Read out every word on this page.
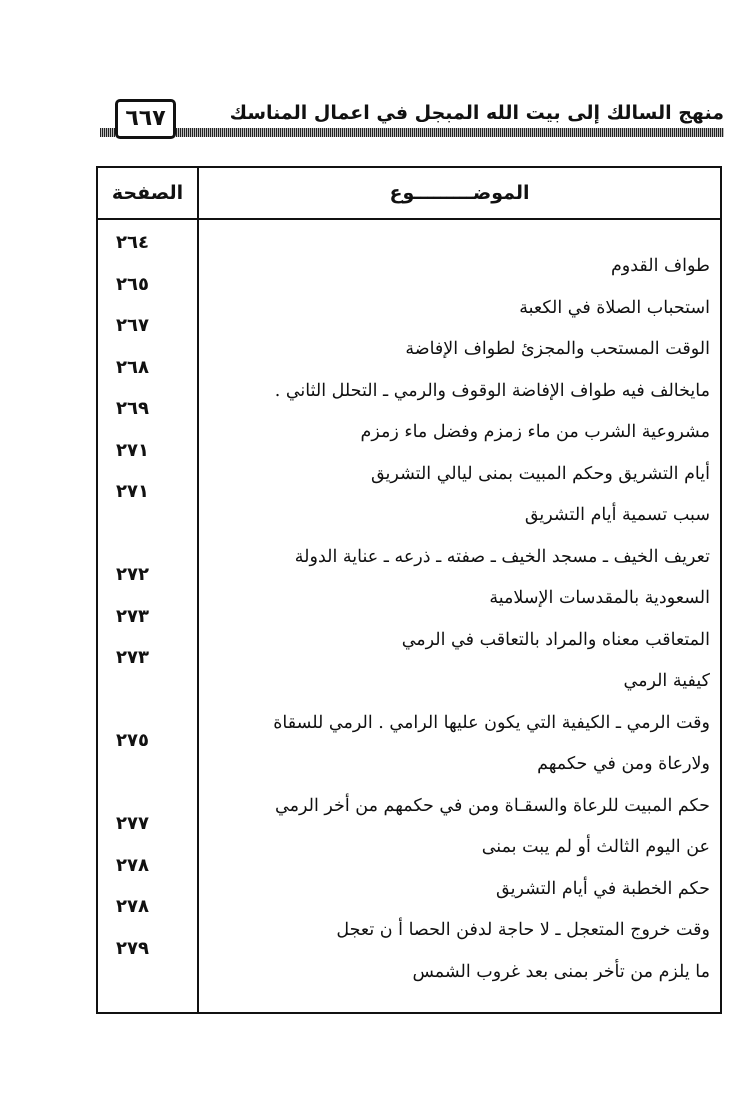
منهج السالك إلى بيت الله المبجل في اعمال المناسك
٦٦٧
الموضـــــــــوع
الصفحة
طواف القدوم
٢٦٤
استحباب الصلاة في الكعبة
٢٦٥
الوقت المستحب والمجزئ لطواف الإفاضة
٢٦٧
مايخالف فيه طواف الإفاضة الوقوف والرمي ـ التحلل الثاني .
٢٦٨
مشروعية الشرب من ماء زمزم وفضل ماء زمزم
٢٦٩
أيام التشريق وحكم المبيت بمنى ليالي التشريق
٢٧١
سبب تسمية أيام التشريق
٢٧١
تعريف الخيف ـ مسجد الخيف ـ صفته ـ ذرعه ـ عناية الدولة
السعودية بالمقدسات الإسلامية
٢٧٢
المتعاقب معناه والمراد بالتعاقب في الرمي
٢٧٣
كيفية الرمي
٢٧٣
وقت الرمي ـ الكيفية التي يكون عليها الرامي . الرمي للسقاة
ولارعاة ومن في حكمهم
٢٧٥
حكم المبيت للرعاة والسقـاة ومن في حكمهم من أخر الرمي
عن اليوم الثالث أو لم يبت بمنى
٢٧٧
حكم الخطبة في أيام التشريق
٢٧٨
وقت خروج المتعجل ـ لا حاجة لدفن الحصا أ ن تعجل
٢٧٨
ما يلزم من تأخر بمنى بعد غروب الشمس
٢٧٩
